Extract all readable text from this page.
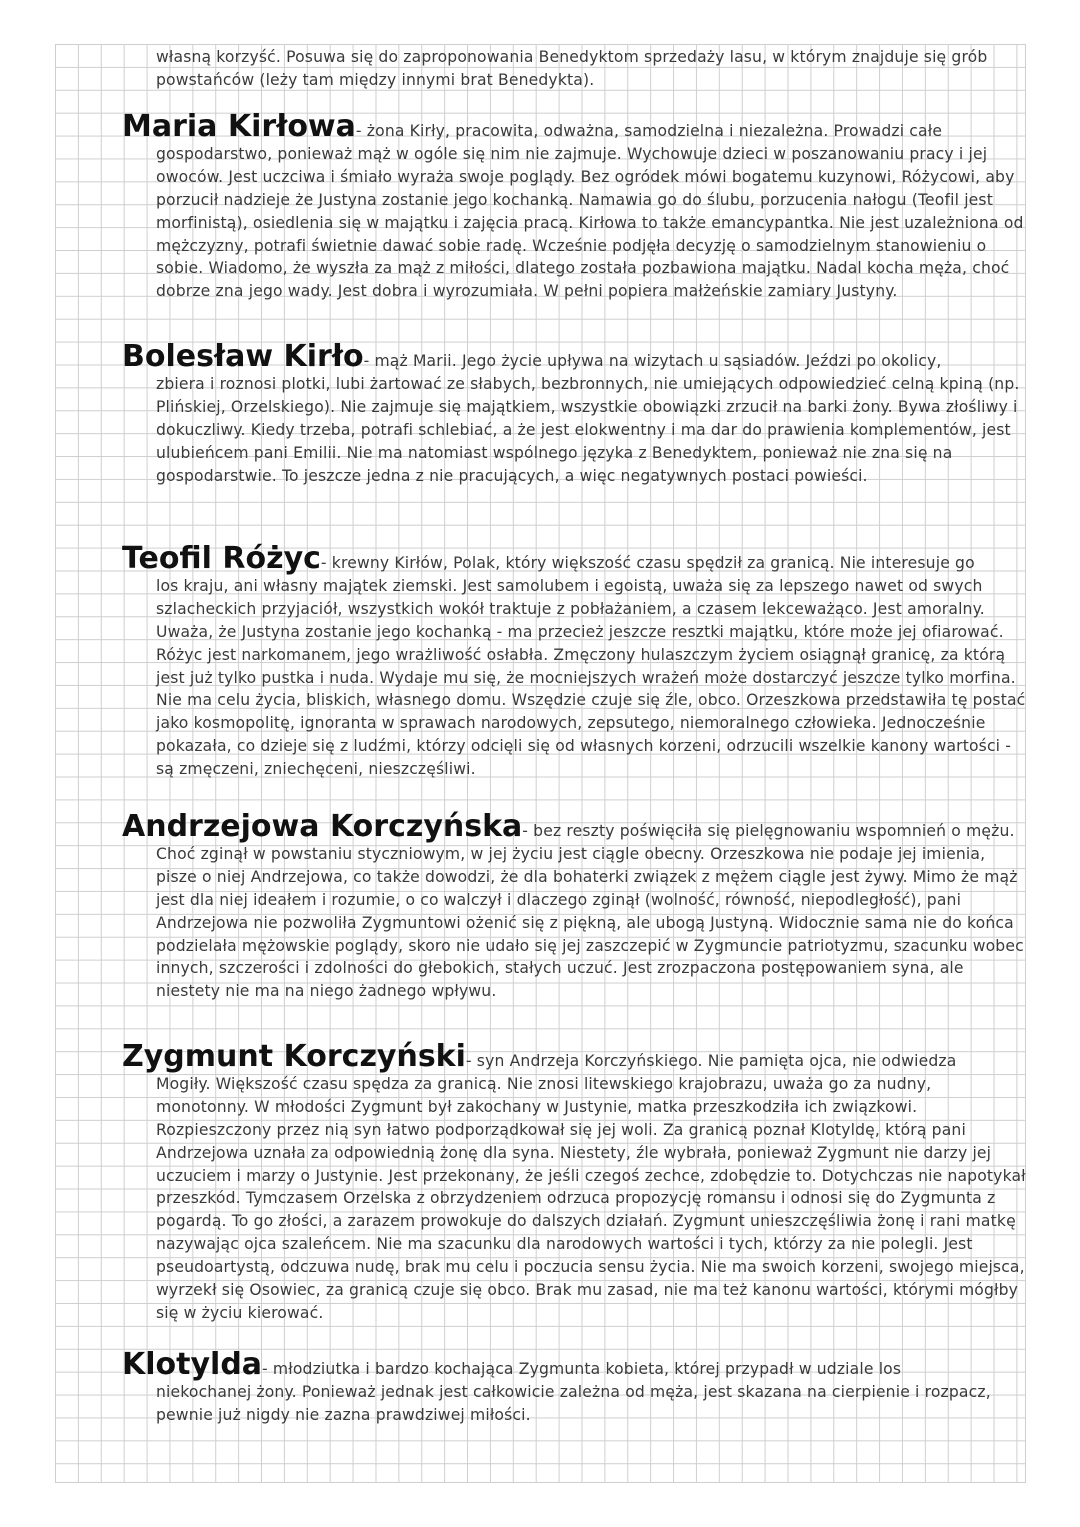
własną korzyść. Posuwa się do zaproponowania Benedyktom sprzedaży lasu, w którym znajduje się grób powstańców (leży tam między innymi brat Benedykta).

Maria Kirłowa- żona Kirły, pracowita, odważna, samodzielna i niezależna. Prowadzi całe
gospodarstwo, ponieważ mąż w ogóle się nim nie zajmuje. Wychowuje dzieci w poszanowaniu pracy i jej owoców. Jest uczciwa i śmiało wyraża swoje poglądy. Bez ogródek mówi bogatemu kuzynowi, Różycowi, aby porzucił nadzieje że Justyna zostanie jego kochanką. Namawia go do ślubu, porzucenia nałogu (Teofil jest morfinistą), osiedlenia się w majątku i zajęcia pracą. Kirłowa to także emancypantka. Nie jest uzależniona od mężczyzny, potrafi świetnie dawać sobie radę. Wcześnie podjęła decyzję o samodzielnym stanowieniu o sobie. Wiadomo, że wyszła za mąż z miłości, dlatego została pozbawiona majątku. Nadal kocha męża, choć dobrze zna jego wady. Jest dobra i wyrozumiała. W pełni popiera małżeńskie zamiary Justyny.
Bolesław Kirło- mąż Marii. Jego życie upływa na wizytach u sąsiadów. Jeździ po okolicy,
zbiera i roznosi plotki, lubi żartować ze słabych, bezbronnych, nie umiejących odpowiedzieć celną kpiną (np. Plińskiej, Orzelskiego). Nie zajmuje się majątkiem, wszystkie obowiązki zrzucił na barki żony. Bywa złośliwy i dokuczliwy. Kiedy trzeba, potrafi schlebiać, a że jest elokwentny i ma dar do prawienia komplementów, jest ulubieńcem pani Emilii. Nie ma natomiast wspólnego języka z Benedyktem, ponieważ nie zna się na gospodarstwie. To jeszcze jedna z nie pracujących, a więc negatywnych postaci powieści.
Teofil Różyc- krewny Kirłów, Polak, który większość czasu spędził za granicą. Nie interesuje go
los kraju, ani własny majątek ziemski. Jest samolubem i egoistą, uważa się za lepszego nawet od swych szlacheckich przyjaciół, wszystkich wokół traktuje z pobłażaniem, a czasem lekceważąco. Jest amoralny. Uważa, że Justyna zostanie jego kochanką - ma przecież jeszcze resztki majątku, które może jej ofiarować. Różyc jest narkomanem, jego wrażliwość osłabła. Zmęczony hulaszczym życiem osiągnął granicę, za którą jest już tylko pustka i nuda. Wydaje mu się, że mocniejszych wrażeń może dostarczyć jeszcze tylko morfina. Nie ma celu życia, bliskich, własnego domu. Wszędzie czuje się źle, obco. Orzeszkowa przedstawiła tę postać jako kosmopolitę, ignoranta w sprawach narodowych, zepsutego, niemoralnego człowieka. Jednocześnie pokazała, co dzieje się z ludźmi, którzy odcięli się od własnych korzeni, odrzucili wszelkie kanony wartości - są zmęczeni, zniechęceni, nieszczęśliwi.
Andrzejowa Korczyńska- bez reszty poświęciła się pielęgnowaniu wspomnień o mężu.
Choć zginął w powstaniu styczniowym, w jej życiu jest ciągle obecny. Orzeszkowa nie podaje jej imienia, pisze o niej Andrzejowa, co także dowodzi, że dla bohaterki związek z mężem ciągle jest żywy. Mimo że mąż jest dla niej ideałem i rozumie, o co walczył i dlaczego zginął (wolność, równość, niepodległość), pani Andrzejowa nie pozwoliła Zygmuntowi ożenić się z piękną, ale ubogą Justyną. Widocznie sama nie do końca podzielała mężowskie poglądy, skoro nie udało się jej zaszczepić w Zygmuncie patriotyzmu, szacunku wobec innych, szczerości i zdolności do głebokich, stałych uczuć. Jest zrozpaczona postępowaniem syna, ale niestety nie ma na niego żadnego wpływu.
Zygmunt Korczyński- syn Andrzeja Korczyńskiego. Nie pamięta ojca, nie odwiedza
Mogiły. Większość czasu spędza za granicą. Nie znosi litewskiego krajobrazu, uważa go za nudny, monotonny. W młodości Zygmunt był zakochany w Justynie, matka przeszkodziła ich związkowi. Rozpieszczony przez nią syn łatwo podporządkował się jej woli. Za granicą poznał Klotyldę, którą pani Andrzejowa uznała za odpowiednią żonę dla syna. Niestety, źle wybrała, ponieważ Zygmunt nie darzy jej uczuciem i marzy o Justynie. Jest przekonany, że jeśli czegoś zechce, zdobędzie to. Dotychczas nie napotykał przeszkód. Tymczasem Orzelska z obrzydzeniem odrzuca propozycję romansu i odnosi się do Zygmunta z pogardą. To go złości, a zarazem prowokuje do dalszych działań. Zygmunt unieszczęśliwia żonę i rani matkę nazywając ojca szaleńcem. Nie ma szacunku dla narodowych wartości i tych, którzy za nie polegli. Jest pseudoartystą, odczuwa nudę, brak mu celu i poczucia sensu życia. Nie ma swoich korzeni, swojego miejsca, wyrzekł się Osowiec, za granicą czuje się obco. Brak mu zasad, nie ma też kanonu wartości, którymi mógłby się w życiu kierować.
Klotylda- młodziutka i bardzo kochająca Zygmunta kobieta, której przypadł w udziale los
niekochanej żony. Ponieważ jednak jest całkowicie zależna od męża, jest skazana na cierpienie i rozpacz, pewnie już nigdy nie zazna prawdziwej miłości.
